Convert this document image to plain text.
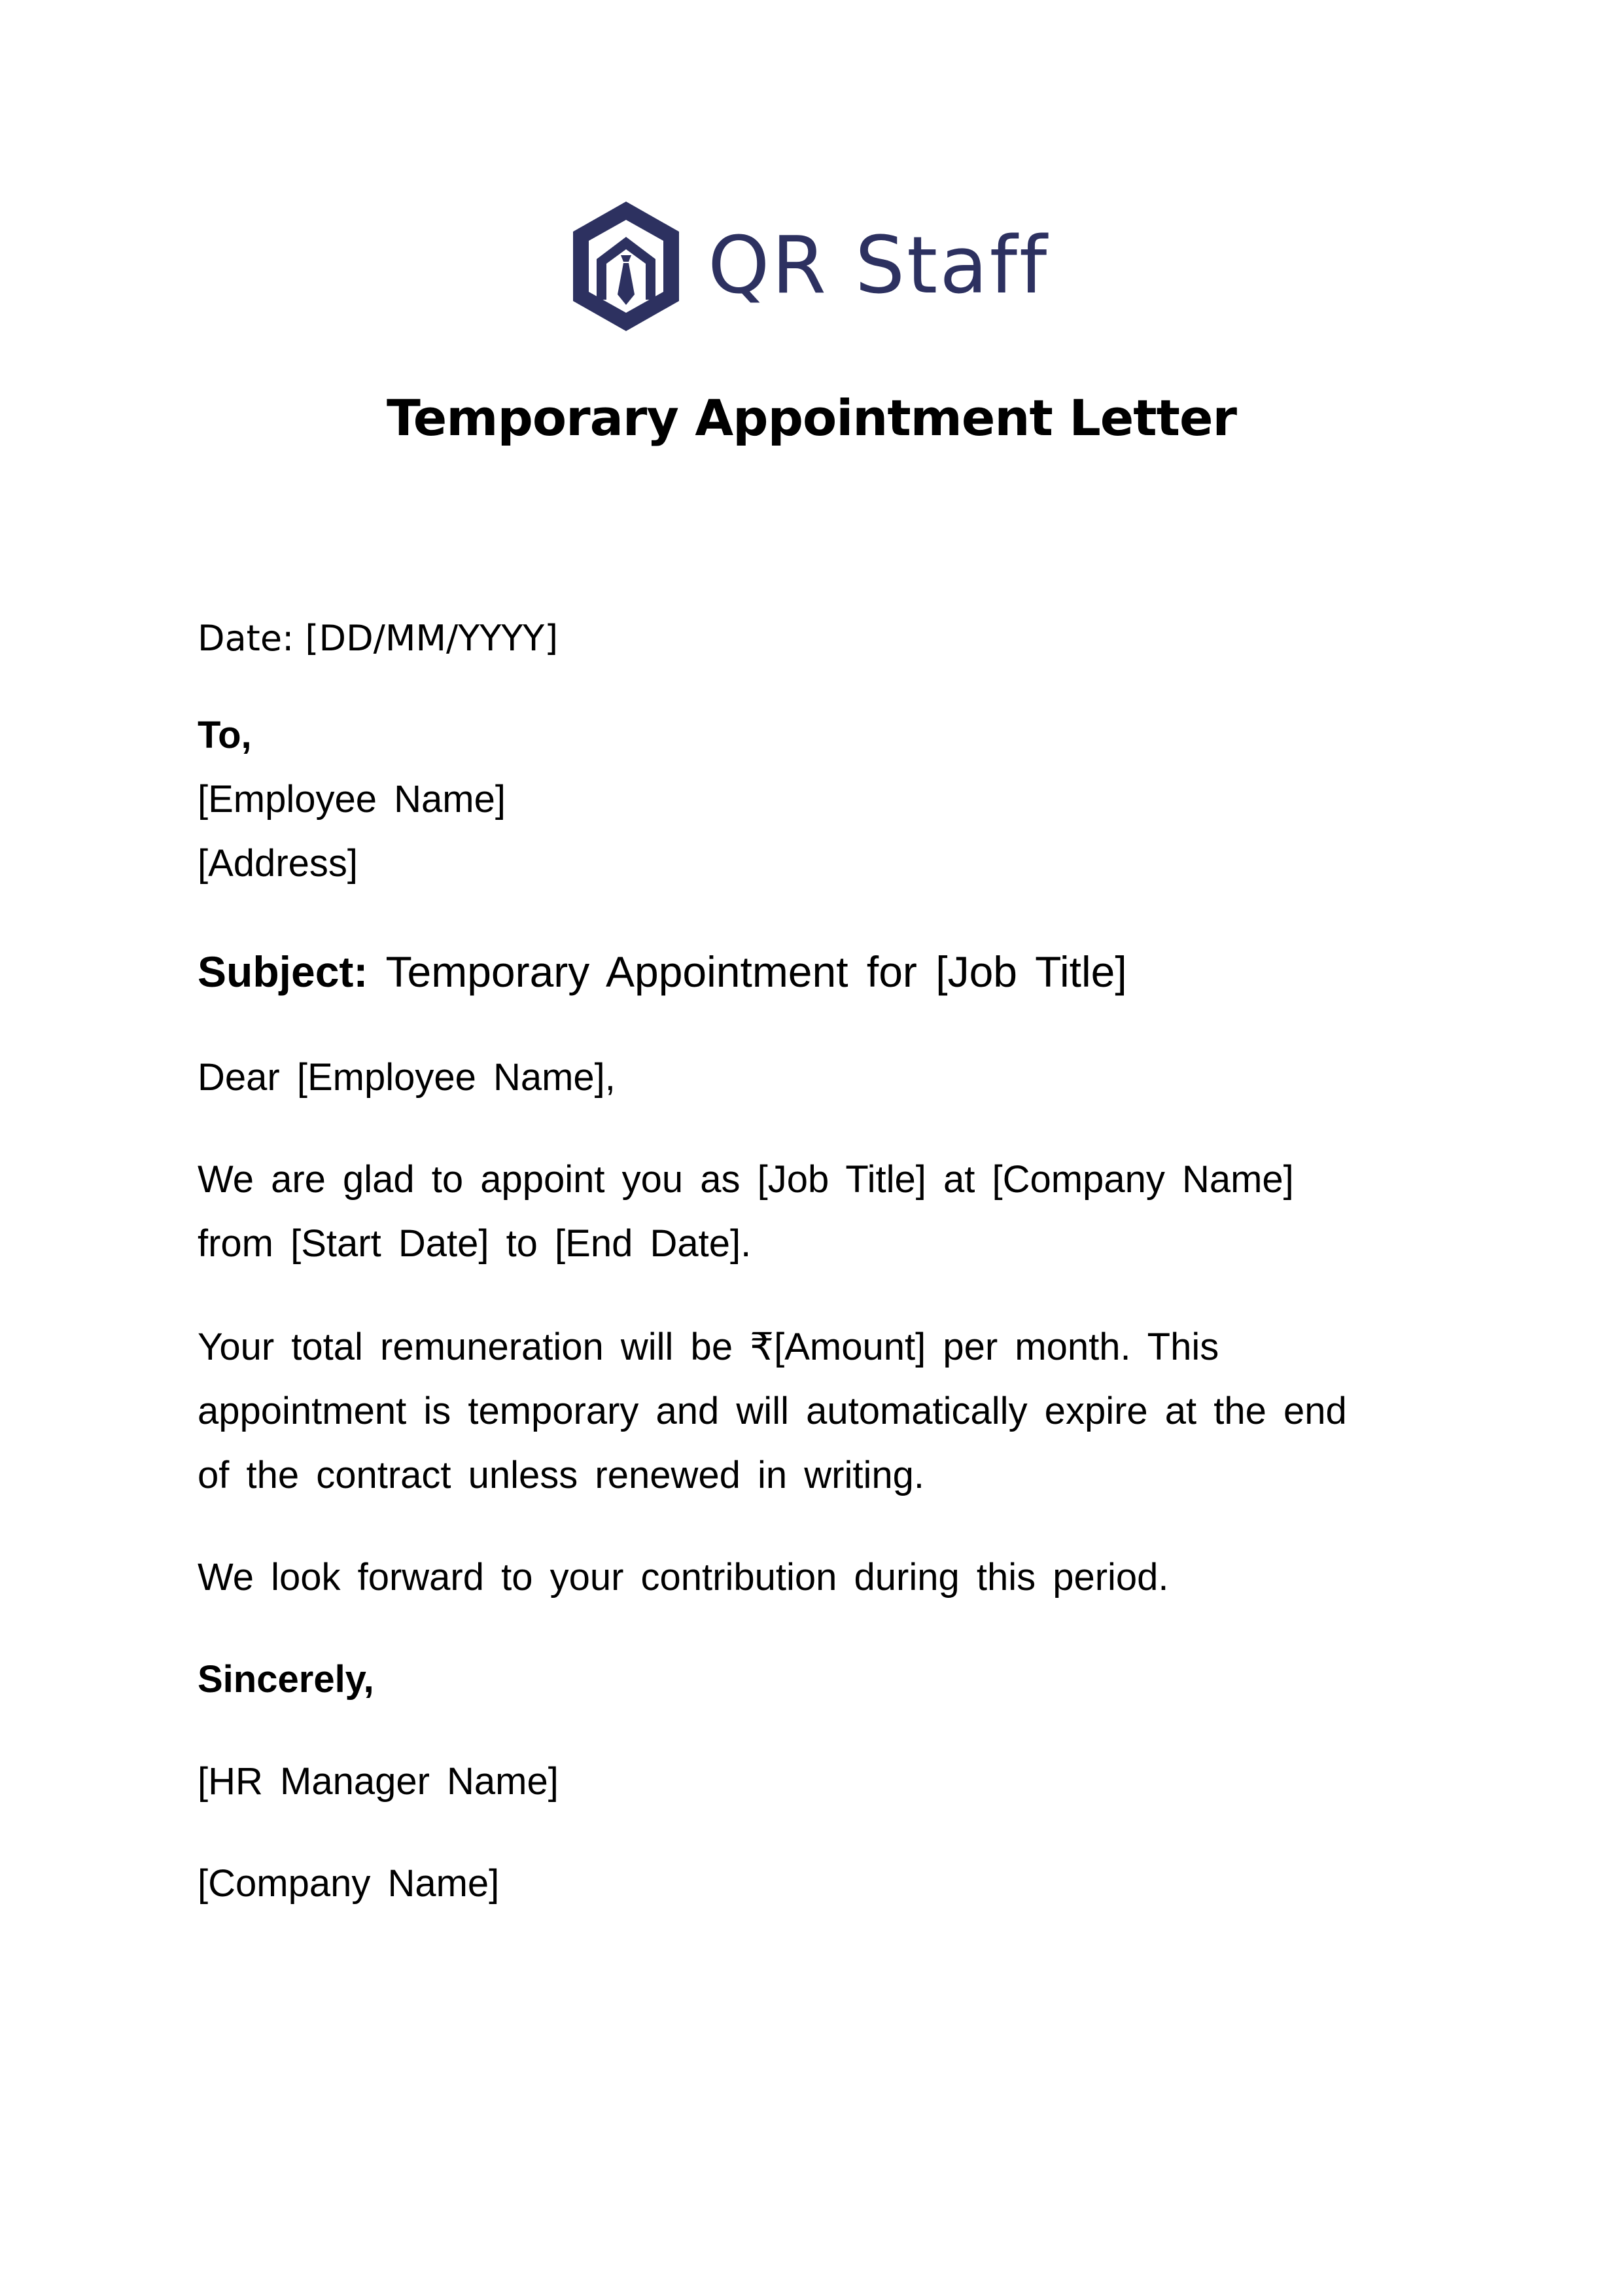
QR Staff
Temporary Appointment Letter

Date: [DD/MM/YYYY]

To,

[Employee Name]

[Address]

Subject: Temporary Appointment for [Job Title]

Dear [Employee Name],

We are glad to appoint you as [Job Title] at [Company Name]

from [Start Date] to [End Date].

Your total remuneration will be ₹[Amount] per month. This

appointment is temporary and will automatically expire at the end

of the contract unless renewed in writing.

We look forward to your contribution during this period.

Sincerely,

[HR Manager Name]

[Company Name]
